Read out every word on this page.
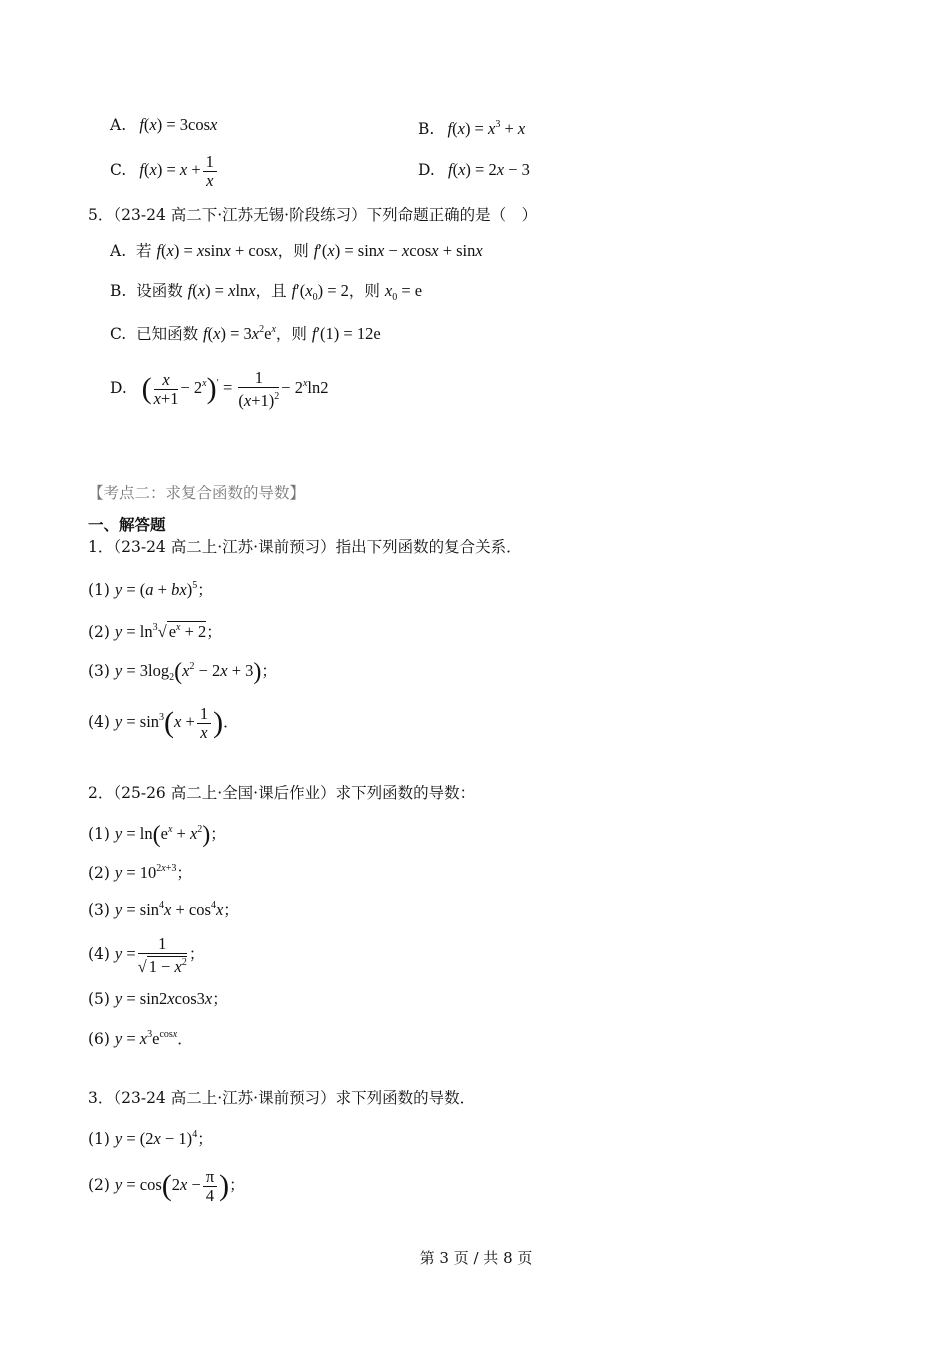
A. f(x) = 3cosx	B. $f(x) = x^3 + x$
C. $f(x) = x + \frac{1}{x}$	D. f(x) = 2x − 3
5．（23-24 高二下·江苏无锡·阶段练习）下列命题正确的是（　）
A. 若 f(x) = xsinx + cosx，则 f′(x) = sinx − xcosx + sinx
B. 设函数 f(x) = xlnx，且 $f'(x_0) = 2$，则 $x_0 = e$
C. 已知函数 $f(x) = 3x^2e^x$，则 f′(1) = 12e
D. ( $\frac{x}{x+1} - 2^x)' = \frac{1}{(x+1)^2} - 2^x\ln 2$
【考点二：求复合函数的导数】
一、解答题
1．（23-24 高二上·江苏·课前预习）指出下列函数的复合关系．
(1) y = (a + bx)$^5$；
(2) $y = \ln^3√$ $e^x + 2$；
(3) $y = 3\log_2(x^2 - 2x + 3)$；
(4) $y = \sin^3(x + \frac{1}{x}$ )．
2．（25-26 高二上·全国·课后作业）求下列函数的导数：
(1) $y = \ln(e^x + x^2)$；
(2) $y = 10^{2x+3}$；
(3) $y = \sin^4x + \cos^4x$；
(4) $y = \frac{1}{√ 1 - x^2}$ ；
(5) y = sin2xcos3x；
(6) $y = x^3e^{cosx}$．
3．（23-24 高二上·江苏·课前预习）求下列函数的导数．
(1) $y = (2x - 1)^4$；
(2) $y = \cos(2x - \frac{\pi}{4}$ )；
第 3 页 / 共 8 页
